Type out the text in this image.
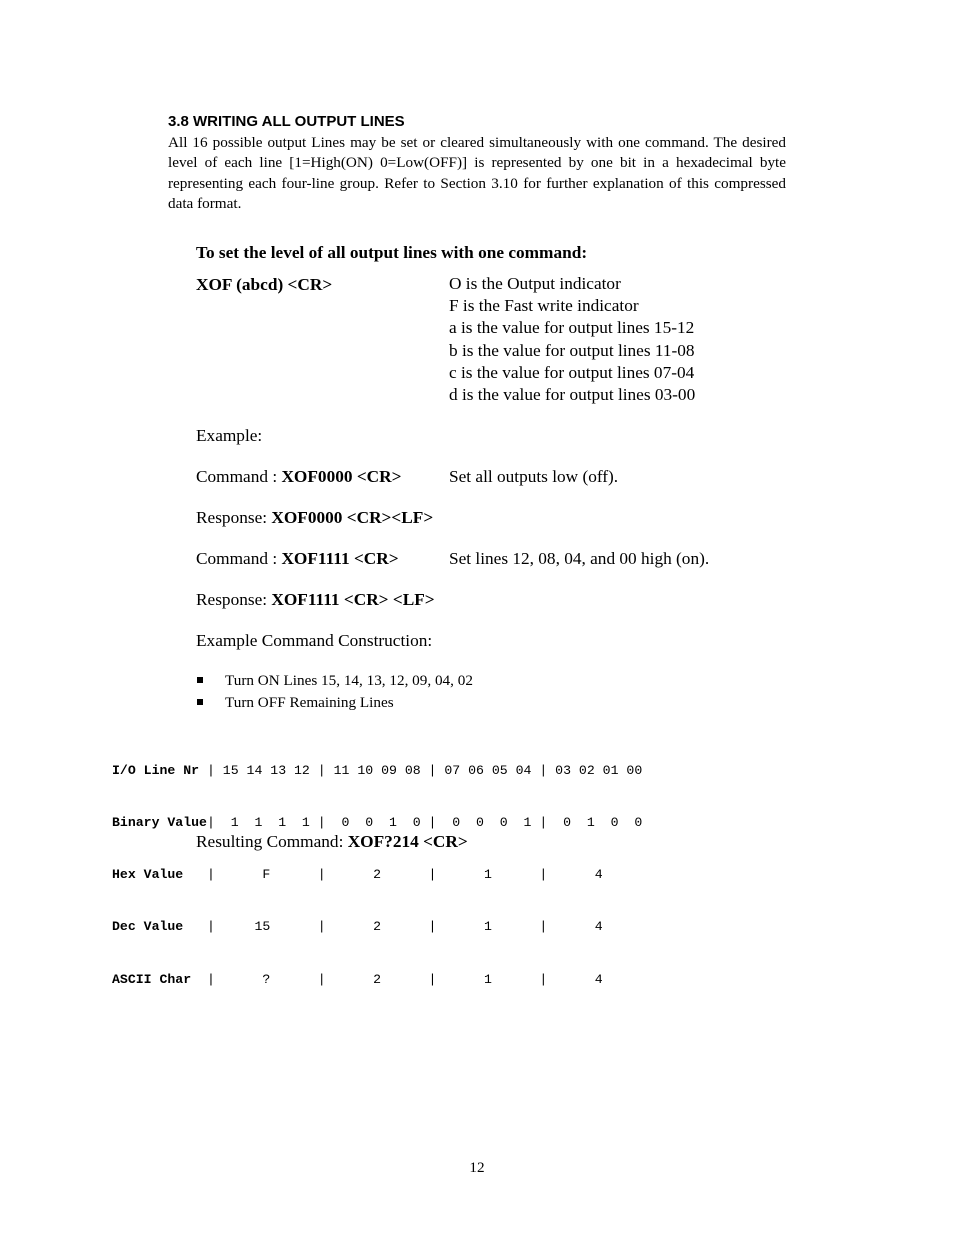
3.8 WRITING ALL OUTPUT LINES

All 16 possible output Lines may be set or cleared simultaneously with one command. The desired level of each line [1=High(ON) 0=Low(OFF)] is represented by one bit in a hexadecimal byte representing each four-line group. Refer to Section 3.10 for further explanation of this compressed data format.

To set the level of all output lines with one command:

XOF (abcd) <CR>	O is the Output indicator
F is the Fast write indicator
a is the value for output lines 15-12
b is the value for output lines 11-08
c is the value for output lines 07-04
d is the value for output lines 03-00
Example:
Command : XOF0000 <CR>	Set all outputs low (off).
Response: XOF0000 <CR><LF>
Command : XOF1111 <CR>	Set lines 12, 08, 04, and 00 high (on).
Response: XOF1111 <CR> <LF>
Example Command Construction:
Turn ON Lines 15, 14, 13, 12, 09, 04, 02
Turn OFF Remaining Lines

I/O Line Nr | 15 14 13 12 | 11 10 09 08 | 07 06 05 04 | 03 02 01 00

Binary Value|  1  1  1  1 |  0  0  1  0 |  0  0  0  1 |  0  1  0  0

Hex Value   |      F      |      2      |      1      |      4

Dec Value   |     15      |      2      |      1      |      4

ASCII Char  |      ?      |      2      |      1      |      4

Resulting Command: XOF?214 <CR>
12
